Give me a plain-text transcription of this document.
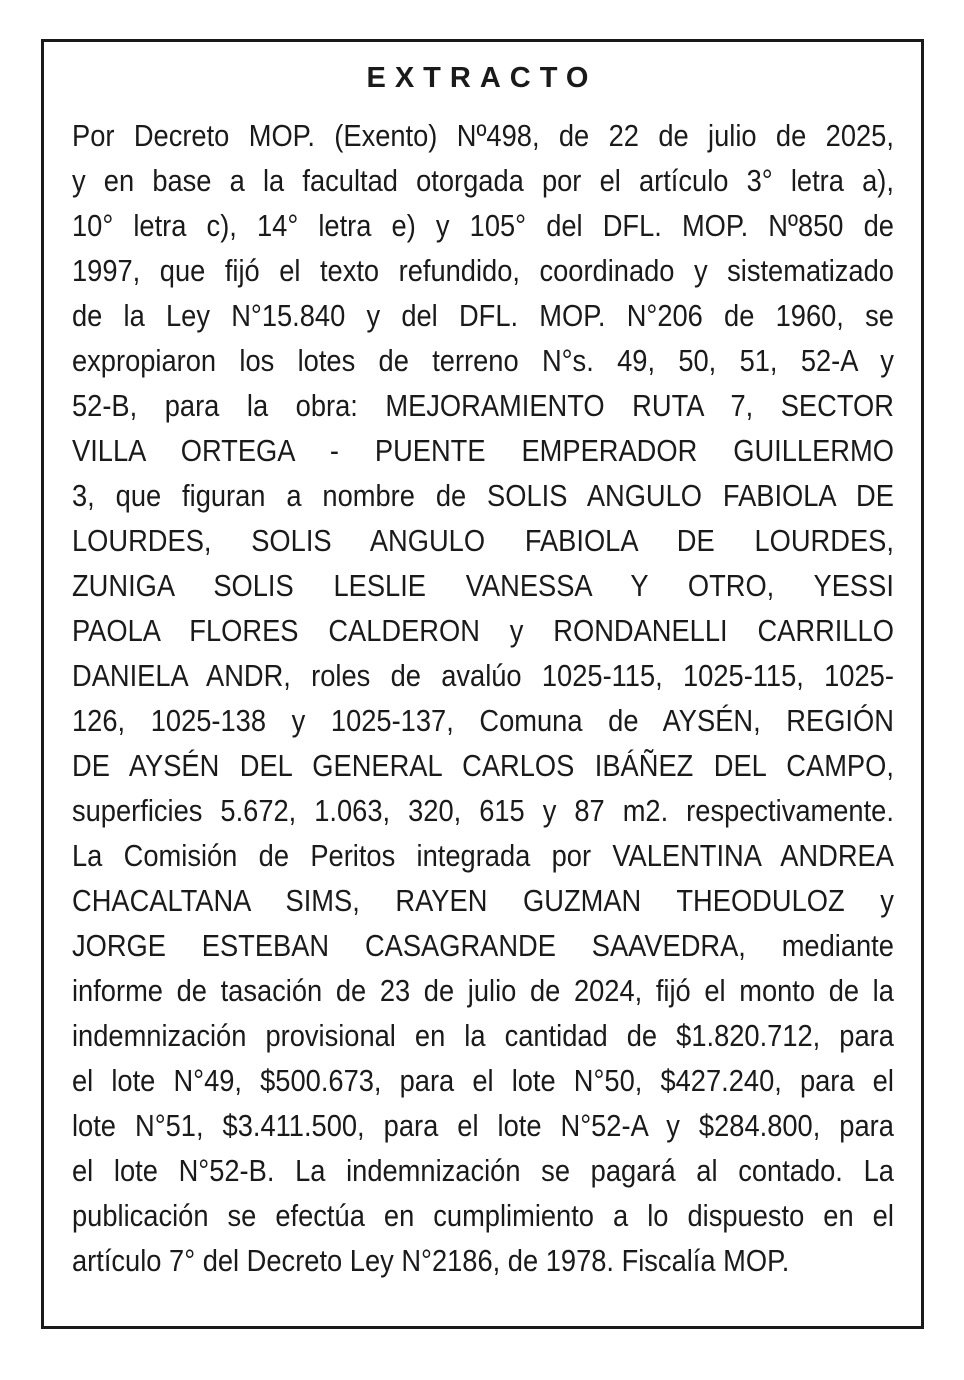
EXTRACTO
Por Decreto MOP. (Exento) Nº498, de 22 de julio de 2025,
y en base a la facultad otorgada por el artículo 3° letra a),
10° letra c), 14° letra e) y 105° del DFL. MOP. Nº850 de
1997, que fijó el texto refundido, coordinado y sistematizado
de la Ley N°15.840 y del DFL. MOP. N°206 de 1960, se
expropiaron los lotes de terreno N°s. 49, 50, 51, 52-A y
52-B, para la obra: MEJORAMIENTO RUTA 7, SECTOR
VILLA ORTEGA - PUENTE EMPERADOR GUILLERMO
3, que figuran a nombre de SOLIS ANGULO FABIOLA DE
LOURDES, SOLIS ANGULO FABIOLA DE LOURDES,
ZUNIGA SOLIS LESLIE VANESSA Y OTRO, YESSI
PAOLA FLORES CALDERON y RONDANELLI CARRILLO
DANIELA ANDR, roles de avalúo 1025-115, 1025-115, 1025-
126, 1025-138 y 1025-137, Comuna de AYSÉN, REGIÓN
DE AYSÉN DEL GENERAL CARLOS IBÁÑEZ DEL CAMPO,
superficies 5.672, 1.063, 320, 615 y 87 m2. respectivamente.
La Comisión de Peritos integrada por VALENTINA ANDREA
CHACALTANA SIMS, RAYEN GUZMAN THEODULOZ y
JORGE ESTEBAN CASAGRANDE SAAVEDRA, mediante
informe de tasación de 23 de julio de 2024, fijó el monto de la
indemnización provisional en la cantidad de $1.820.712, para
el lote N°49, $500.673, para el lote N°50, $427.240, para el
lote N°51, $3.411.500, para el lote N°52-A y $284.800, para
el lote N°52-B. La indemnización se pagará al contado. La
publicación se efectúa en cumplimiento a lo dispuesto en el
artículo 7° del Decreto Ley N°2186, de 1978. Fiscalía MOP.
